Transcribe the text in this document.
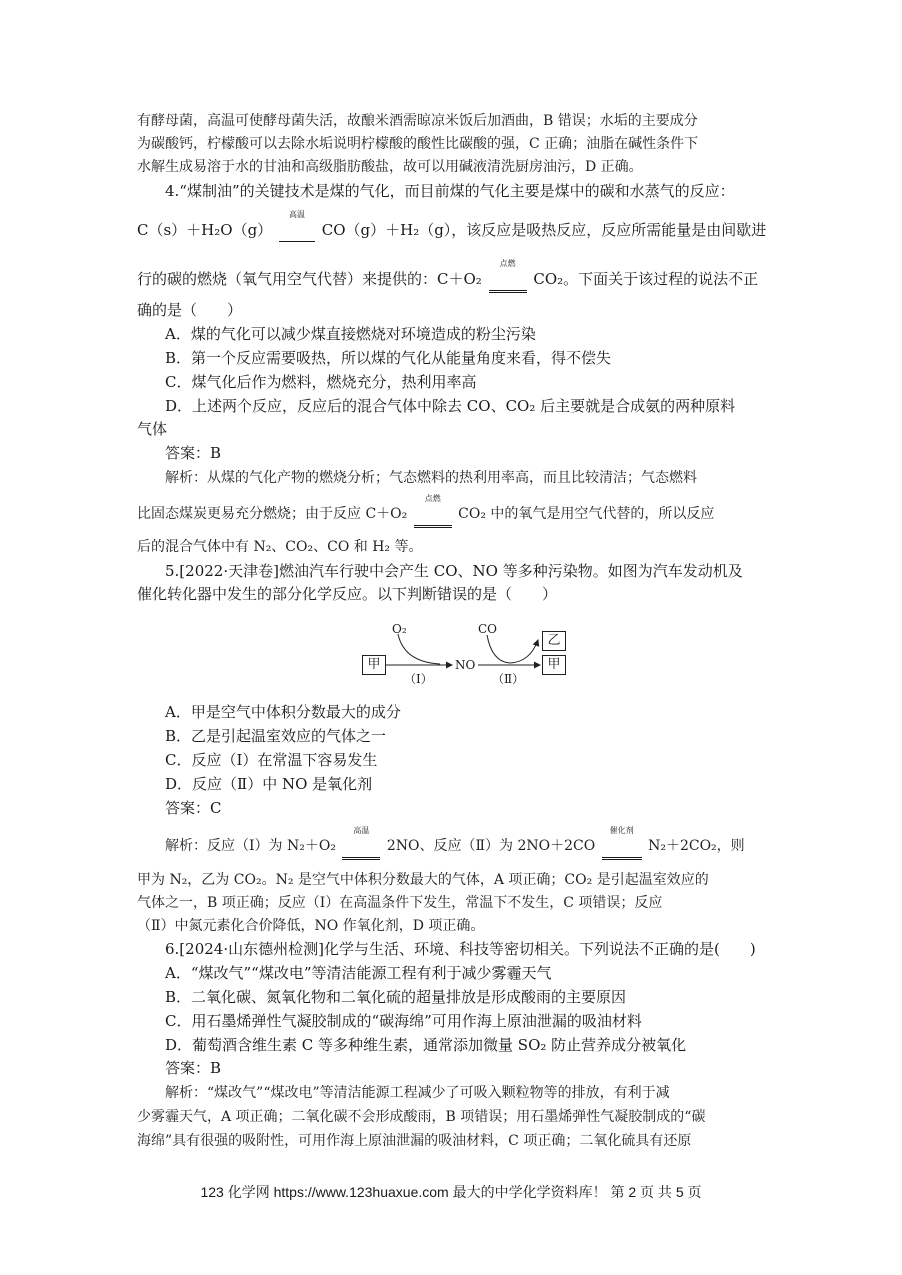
有酵母菌，高温可使酵母菌失活，故酿米酒需晾凉米饭后加酒曲，B 错误；水垢的主要成分
为碳酸钙，柠檬酸可以去除水垢说明柠檬酸的酸性比碳酸的强，C 正确；油脂在碱性条件下
水解生成易溶于水的甘油和高级脂肪酸盐，故可以用碱液清洗厨房油污，D 正确。
4.“煤制油”的关键技术是煤的气化，而目前煤的气化主要是煤中的碳和水蒸气的反应：
C（s）＋H₂O（g）
高温
CO（g）＋H₂（g），该反应是吸热反应，反应所需能量是由间歇进
行的碳的燃烧（氧气用空气代替）来提供的：C＋O₂
点燃
CO₂。下面关于该过程的说法不正
确的是（　　）
A．煤的气化可以减少煤直接燃烧对环境造成的粉尘污染
B．第一个反应需要吸热，所以煤的气化从能量角度来看，得不偿失
C．煤气化后作为燃料，燃烧充分，热利用率高
D．上述两个反应，反应后的混合气体中除去 CO、CO₂ 后主要就是合成氨的两种原料
气体
答案：B
解析：从煤的气化产物的燃烧分析；气态燃料的热利用率高，而且比较清洁；气态燃料
比固态煤炭更易充分燃烧；由于反应 C＋O₂
点燃
CO₂ 中的氧气是用空气代替的，所以反应
后的混合气体中有 N₂、CO₂、CO 和 H₂ 等。
5.[2022·天津卷]燃油汽车行驶中会产生 CO、NO 等多种污染物。如图为汽车发动机及
催化转化器中发生的部分化学反应。以下判断错误的是（　　）
O₂	CO
甲	NO
乙
甲
（Ⅰ）	（Ⅱ）
A．甲是空气中体积分数最大的成分
B．乙是引起温室效应的气体之一
C．反应（Ⅰ）在常温下容易发生
D．反应（Ⅱ）中 NO 是氧化剂
答案：C
解析：反应（Ⅰ）为 N₂＋O₂
高温
2NO、反应（Ⅱ）为 2NO＋2CO
催化剂
N₂＋2CO₂，则
甲为 N₂，乙为 CO₂。N₂ 是空气中体积分数最大的气体，A 项正确；CO₂ 是引起温室效应的
气体之一，B 项正确；反应（Ⅰ）在高温条件下发生，常温下不发生，C 项错误；反应
（Ⅱ）中氮元素化合价降低，NO 作氧化剂，D 项正确。
6.[2024·山东德州检测]化学与生活、环境、科技等密切相关。下列说法不正确的是(　　)
A．“煤改气”“煤改电”等清洁能源工程有利于减少雾霾天气
B．二氧化碳、氮氧化物和二氧化硫的超量排放是形成酸雨的主要原因
C．用石墨烯弹性气凝胶制成的“碳海绵”可用作海上原油泄漏的吸油材料
D．葡萄酒含维生素 C 等多种维生素，通常添加微量 SO₂ 防止营养成分被氧化
答案：B
解析：“煤改气”“煤改电”等清洁能源工程减少了可吸入颗粒物等的排放，有利于减
少雾霾天气，A 项正确；二氧化碳不会形成酸雨，B 项错误；用石墨烯弹性气凝胶制成的“碳
海绵”具有很强的吸附性，可用作海上原油泄漏的吸油材料，C 项正确；二氧化硫具有还原
123 化学网 https://www.123huaxue.com 最大的中学化学资料库！ 第 2 页 共 5 页
